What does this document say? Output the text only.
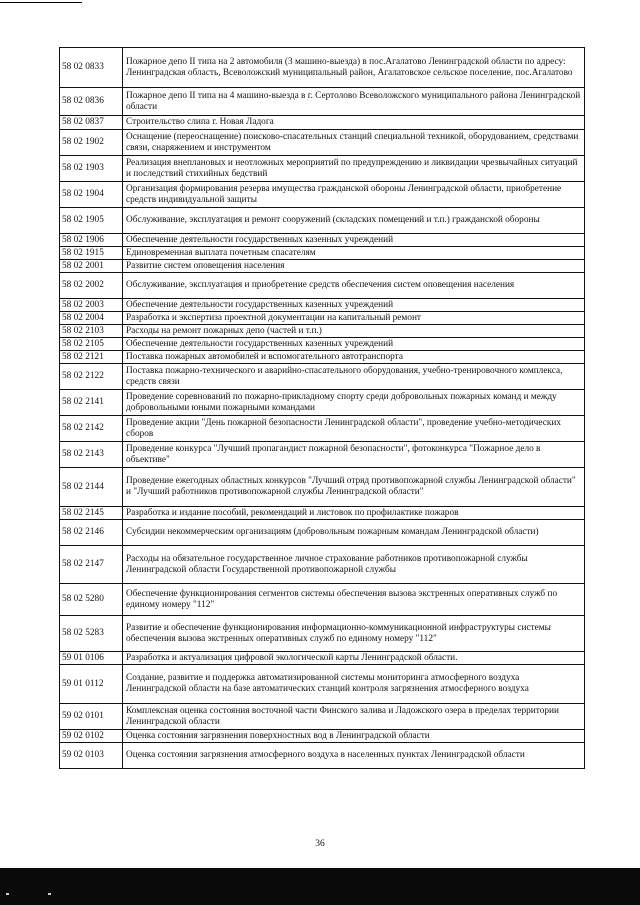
58 02 0833	Пожарное депо II типа на 2 автомобиля (3 машино-выезда) в пос.Агалатово Ленинградской области по адресу: Ленинградская область, Всеволожский муниципальный район, Агалатовское сельское поселение, пос.Агалатово
58 02 0836	Пожарное депо II типа на 4 машино-выезда в г. Сертолово Всеволожского муниципального района Ленинградской области
58 02 0837	Строительство слипа г. Новая Ладога
58 02 1902	Оснащение (переоснащение) поисково-спасательных станций специальной техникой, оборудованием, средствами связи, снаряжением и инструментом
58 02 1903	Реализация внеплановых и неотложных мероприятий по предупреждению и ликвидации чрезвычайных ситуаций и последствий стихийных бедствий
58 02 1904	Организация формирования резерва имущества гражданской обороны Ленинградской области, приобретение средств индивидуальной защиты
58 02 1905	Обслуживание, эксплуатация и ремонт сооружений (складских помещений и т.п.) гражданской обороны
58 02 1906	Обеспечение деятельности государственных казенных учреждений
58 02 1915	Единовременная выплата почетным спасателям
58 02 2001	Развитие систем оповещения населения
58 02 2002	Обслуживание, эксплуатация и приобретение средств обеспечения систем оповещения населения
58 02 2003	Обеспечение деятельности государственных казенных учреждений
58 02 2004	Разработка и экспертиза проектной документации на капитальный ремонт
58 02 2103	Расходы на ремонт пожарных депо (частей и т.п.)
58 02 2105	Обеспечение деятельности государственных казенных учреждений
58 02 2121	Поставка пожарных автомобилей и вспомогательного автотранспорта
58 02 2122	Поставка пожарно-технического и аварийно-спасательного оборудования, учебно-тренировочного комплекса, средств связи
58 02 2141	Проведение соревнований по пожарно-прикладному спорту среди добровольных пожарных команд и между добровольными юными пожарными командами
58 02 2142	Проведение акции "День пожарной безопасности Ленинградской области", проведение учебно-методических сборов
58 02 2143	Проведение конкурса "Лучший пропагандист пожарной безопасности", фотоконкурса "Пожарное дело в объективе"
58 02 2144	Проведение ежегодных областных конкурсов "Лучший отряд противопожарной службы Ленинградской области" и "Лучший работников противопожарной службы Ленинградской области"
58 02 2145	Разработка и издание пособий, рекомендаций и листовок по профилактике пожаров
58 02 2146	Субсидии некоммерческим организациям (добровольным пожарным командам Ленинградской области)
58 02 2147	Расходы на обязательное государственное личное страхование работников противопожарной службы Ленинградской области Государственной противопожарной службы
58 02 5280	Обеспечение функционирования сегментов системы обеспечения вызова экстренных оперативных служб по единому номеру "112"
58 02 5283	Развитие и обеспечение функционирования информационно-коммуникационной инфраструктуры системы обеспечения вызова экстренных оперативных служб по единому номеру "112"
59 01 0106	Разработка и актуализация цифровой экологической карты Ленинградской области.
59 01 0112	Создание, развитие и поддержка автоматизированной системы мониторинга атмосферного воздуха Ленинградской области на базе автоматических станций контроля загрязнения атмосферного воздуха
59 02 0101	Комплексная оценка состояния восточной части Финского залива и Ладожского озера в пределах территории Ленинградской области
59 02 0102	Оценка состояния загрязнения поверхностных вод в Ленинградской области
59 02 0103	Оценка состояния загрязнения атмосферного воздуха в населенных пунктах Ленинградской области
36
